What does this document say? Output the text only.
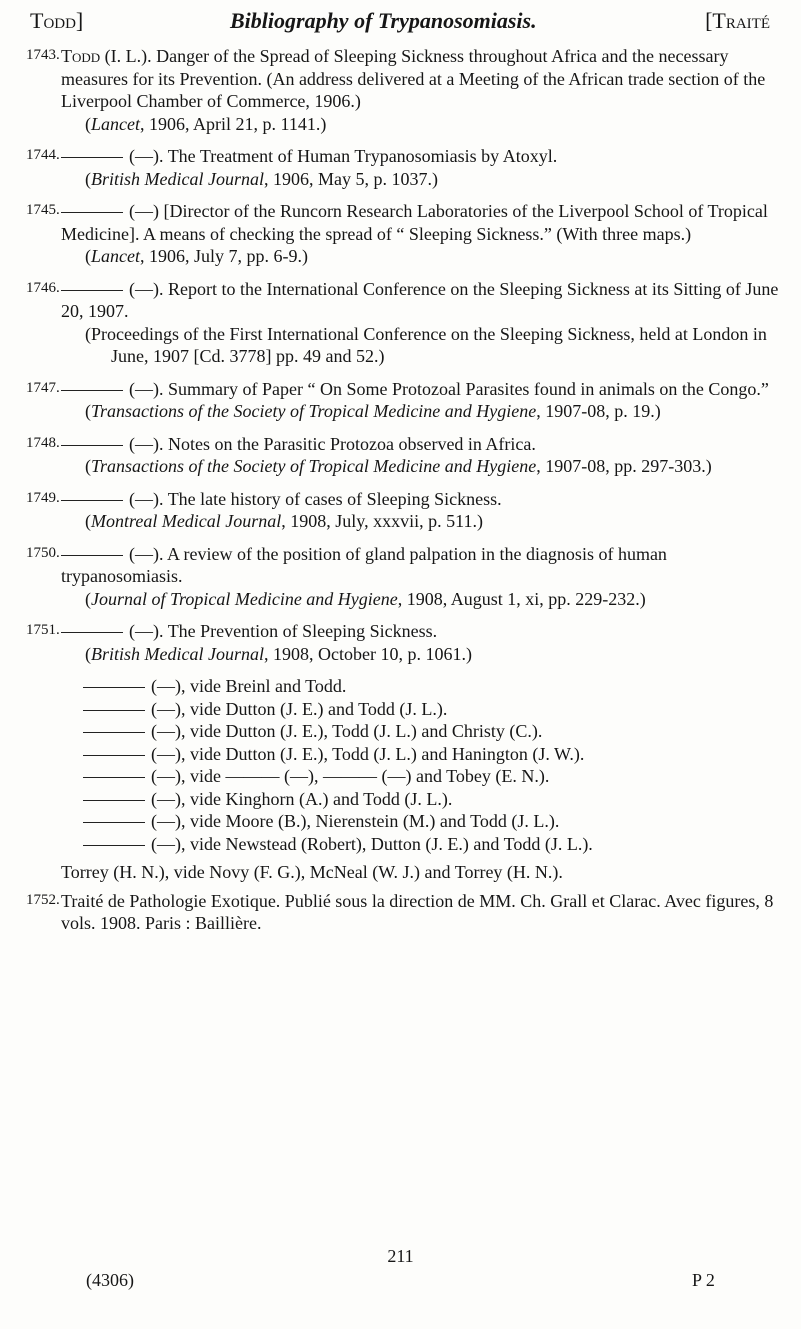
Todd]	Bibliography of Trypanosomiasis.	[Traité
1743. Todd (I. L.). Danger of the Spread of Sleeping Sickness throughout Africa and the necessary measures for its Prevention. (An address delivered at a Meeting of the African trade section of the Liverpool Chamber of Commerce, 1906.)
(Lancet, 1906, April 21, p. 1141.)
1744.	(—). The Treatment of Human Trypanosomiasis by Atoxyl.
(British Medical Journal, 1906, May 5, p. 1037.)
1745.	(—) [Director of the Runcorn Research Laboratories of the Liverpool School of Tropical Medicine]. A means of checking the spread of “ Sleeping Sickness.” (With three maps.)
(Lancet, 1906, July 7, pp. 6-9.)
1746.	(—). Report to the International Conference on the Sleeping Sickness at its Sitting of June 20, 1907.
(Proceedings of the First International Conference on the Sleeping Sickness, held at London in June, 1907 [Cd. 3778] pp. 49 and 52.)
1747.	(—). Summary of Paper “ On Some Protozoal Parasites found in animals on the Congo.”
(Transactions of the Society of Tropical Medicine and Hygiene, 1907-08, p. 19.)
1748.	(—). Notes on the Parasitic Protozoa observed in Africa.
(Transactions of the Society of Tropical Medicine and Hygiene, 1907-08, pp. 297-303.)
1749.	(—). The late history of cases of Sleeping Sickness.
(Montreal Medical Journal, 1908, July, xxxvii, p. 511.)
1750.	(—). A review of the position of gland palpation in the diagnosis of human trypanosomiasis.
(Journal of Tropical Medicine and Hygiene, 1908, August 1, xi, pp. 229-232.)
1751.	(—). The Prevention of Sleeping Sickness.
(British Medical Journal, 1908, October 10, p. 1061.)
(—), vide Breinl and Todd.
(—), vide Dutton (J. E.) and Todd (J. L.).
(—), vide Dutton (J. E.), Todd (J. L.) and Christy (C.).
(—), vide Dutton (J. E.), Todd (J. L.) and Hanington (J. W.).
(—), vide ——— (—), ——— (—) and Tobey (E. N.).
(—), vide Kinghorn (A.) and Todd (J. L.).
(—), vide Moore (B.), Nierenstein (M.) and Todd (J. L.).
(—), vide Newstead (Robert), Dutton (J. E.) and Todd (J. L.).
Torrey (H. N.), vide Novy (F. G.), McNeal (W. J.) and Torrey (H. N.).
1752. Traité de Pathologie Exotique. Publié sous la direction de MM. Ch. Grall et Clarac. Avec figures, 8 vols. 1908. Paris : Baillière.
211
(4306)	P 2
